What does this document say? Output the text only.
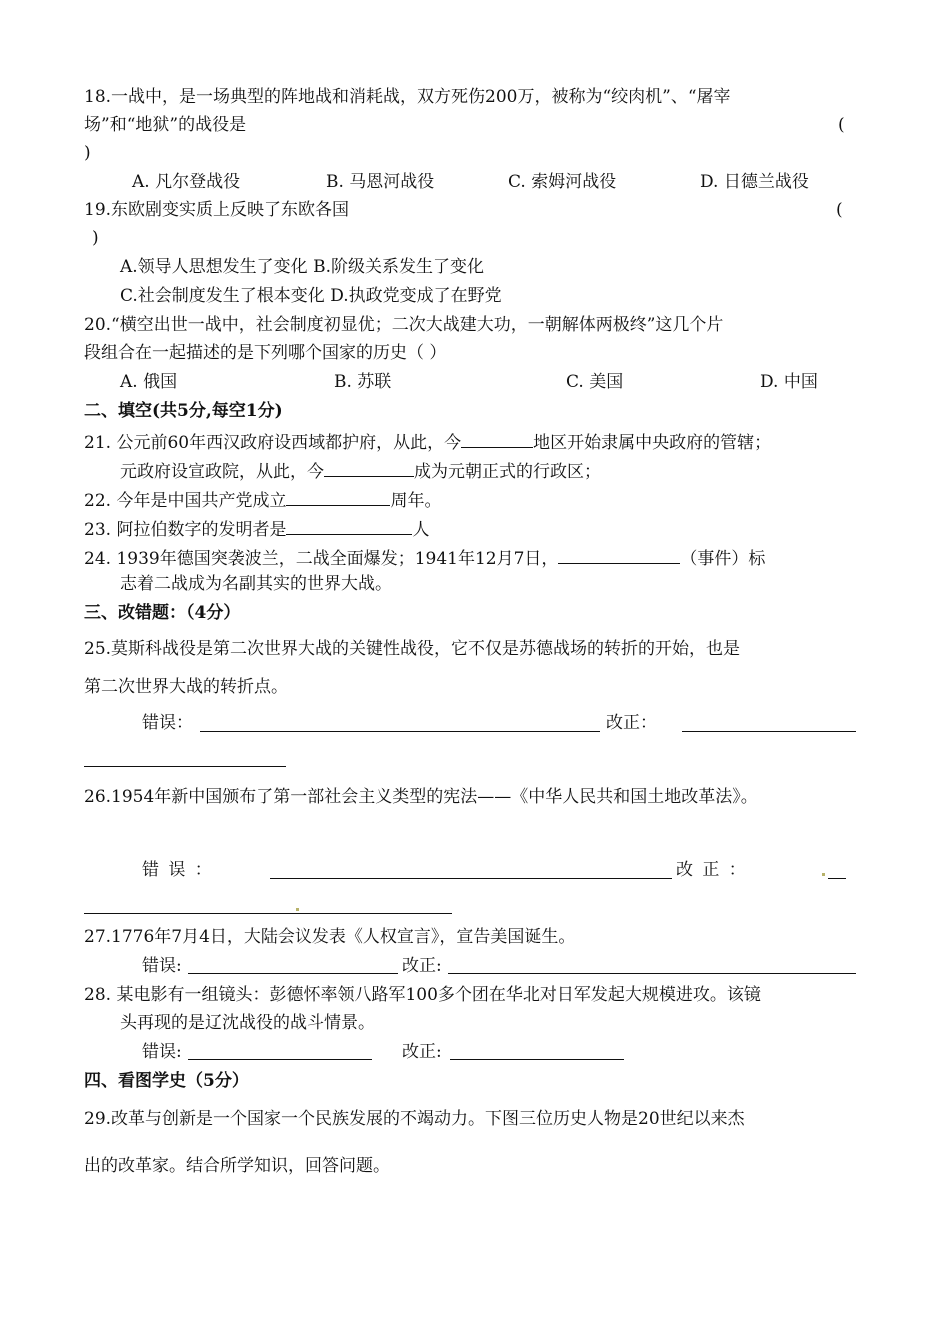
18.一战中，是一场典型的阵地战和消耗战，双方死伤200万，被称为“绞肉机”、“屠宰
场”和“地狱”的战役是	(
)
A. 凡尔登战役	B. 马恩河战役	C. 索姆河战役	D. 日德兰战役
19.东欧剧变实质上反映了东欧各国	(
)
A.领导人思想发生了变化 B.阶级关系发生了变化
C.社会制度发生了根本变化 D.执政党变成了在野党
20.“横空出世一战中，社会制度初显优；二次大战建大功，一朝解体两极终”这几个片
段组合在一起描述的是下列哪个国家的历史（ ）
A. 俄国	B. 苏联	C. 美国	D. 中国
二、填空(共5分,每空1分)
21. 公元前60年西汉政府设西域都护府，从此，今	地区开始隶属中央政府的管辖；
元政府设宣政院，从此，今	成为元朝正式的行政区；
22. 今年是中国共产党成立	周年。
23. 阿拉伯数字的发明者是	人
24. 1939年德国突袭波兰，二战全面爆发；1941年12月7日，	（事件）标
志着二战成为名副其实的世界大战。
三、改错题：（4分）
25.莫斯科战役是第二次世界大战的关键性战役，它不仅是苏德战场的转折的开始，也是
第二次世界大战的转折点。
错误：	改正：
26.1954年新中国颁布了第一部社会主义类型的宪法——《中华人民共和国土地改革法》。
错 误 ：	改 正 ：
27.1776年7月4日，大陆会议发表《人权宣言》，宣告美国诞生。
错误:	改正:
28. 某电影有一组镜头：彭德怀率领八路军100多个团在华北对日军发起大规模进攻。该镜
头再现的是辽沈战役的战斗情景。
错误:	改正:
四、看图学史（5分）
29.改革与创新是一个国家一个民族发展的不竭动力。下图三位历史人物是20世纪以来杰
出的改革家。结合所学知识，回答问题。
